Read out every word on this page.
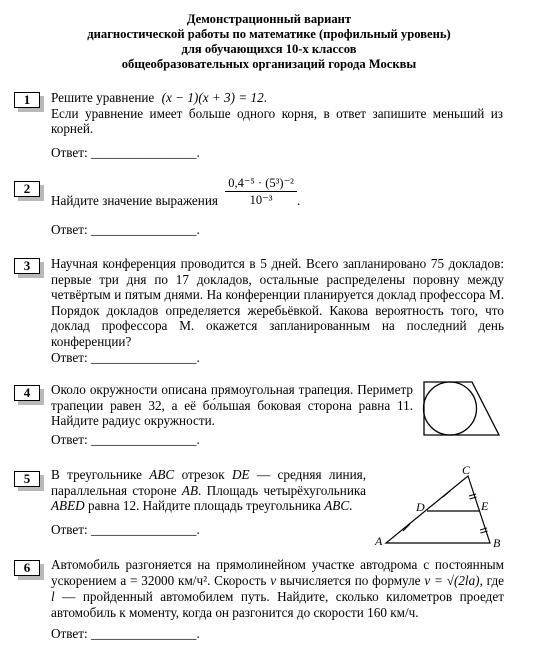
Демонстрационный вариант
диагностической работы по математике (профильный уровень)
для обучающихся 10-х классов
общеобразовательных организаций города Москвы
1	Решите уравнение (x − 1)(x + 3) = 12.
Если уравнение имеет больше одного корня, в ответ запишите меньший из корней.
Ответ: ________________.
2
Найдите значение выражения $\frac{\text{0,4⁻⁵ · (5³)⁻²}}{\text{10⁻³}}$ .
Ответ: ________________.
3	Научная конференция проводится в 5 дней. Всего запланировано 75 докладов: первые три дня по 17 докладов, остальные распределены поровну между четвёртым и пятым днями. На конференции планируется доклад профессора М. Порядок докладов определяется жеребьёвкой. Какова вероятность того, что доклад профессора М. окажется запланированным на последний день конференции?
Ответ: ________________.
4	Около окружности описана прямоугольная трапеция. Периметр трапеции равен 32, а её бо́льшая боковая сторона равна 11. Найдите радиус окружности.
Ответ: ________________.
5	В треугольнике ABC отрезок DE — средняя линия, параллельная стороне AB. Площадь четырёхугольника ABED равна 12. Найдите площадь треугольника ABC.
Ответ: ________________.
A	B
C
D	E
6	Автомобиль разгоняется на прямолинейном участке автодрома с постоянным ускорением a = 32000 км/ч². Скорость v вычисляется по формуле v = √(2la), где l — пройденный автомобилем путь. Найдите, сколько километров проедет автомобиль к моменту, когда он разгонится до скорости 160 км/ч.
Ответ: ________________.
